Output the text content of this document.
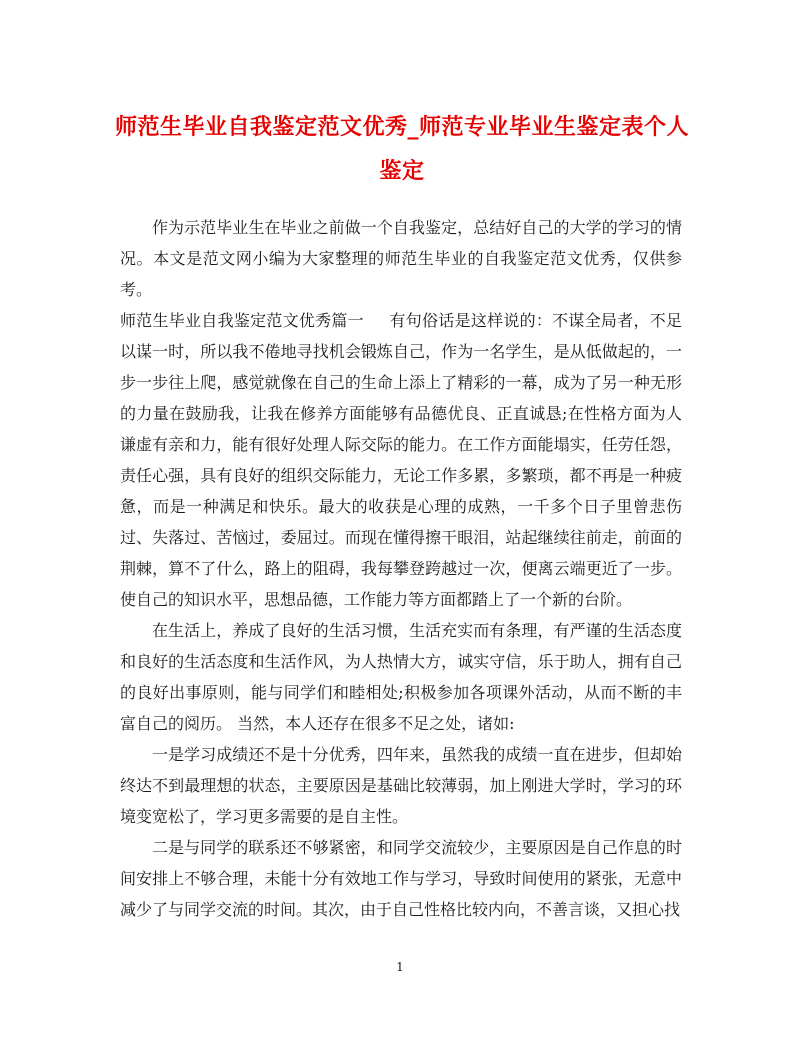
师范生毕业自我鉴定范文优秀_师范专业毕业生鉴定表个人鉴定

作为示范毕业生在毕业之前做一个自我鉴定，总结好自己的大学的学习的情况。本文是范文网小编为大家整理的师范生毕业的自我鉴定范文优秀，仅供参考。

师范生毕业自我鉴定范文优秀篇一 有句俗话是这样说的：不谋全局者，不足以谋一时，所以我不倦地寻找机会锻炼自己，作为一名学生，是从低做起的，一步一步往上爬，感觉就像在自己的生命上添上了精彩的一幕，成为了另一种无形的力量在鼓励我，让我在修养方面能够有品德优良、正直诚恳;在性格方面为人谦虚有亲和力，能有很好处理人际交际的能力。在工作方面能塌实，任劳任怨，责任心强，具有良好的组织交际能力，无论工作多累，多繁琐，都不再是一种疲惫，而是一种满足和快乐。最大的收获是心理的成熟，一千多个日子里曾悲伤过、失落过、苦恼过，委屈过。而现在懂得擦干眼泪，站起继续往前走，前面的荆棘，算不了什么，路上的阻碍，我每攀登跨越过一次，便离云端更近了一步。使自己的知识水平，思想品德，工作能力等方面都踏上了一个新的台阶。

在生活上，养成了良好的生活习惯，生活充实而有条理，有严谨的生活态度和良好的生活态度和生活作风，为人热情大方，诚实守信，乐于助人，拥有自己的良好出事原则，能与同学们和睦相处;积极参加各项课外活动，从而不断的丰富自己的阅历。 当然，本人还存在很多不足之处，诸如:

一是学习成绩还不是十分优秀，四年来，虽然我的成绩一直在进步，但却始终达不到最理想的状态，主要原因是基础比较薄弱，加上刚进大学时，学习的环境变宽松了，学习更多需要的是自主性。

二是与同学的联系还不够紧密，和同学交流较少，主要原因是自己作息的时间安排上不够合理，未能十分有效地工作与学习，导致时间使用的紧张，无意中减少了与同学交流的时间。其次，由于自己性格比较内向，不善言谈，又担心找

1
